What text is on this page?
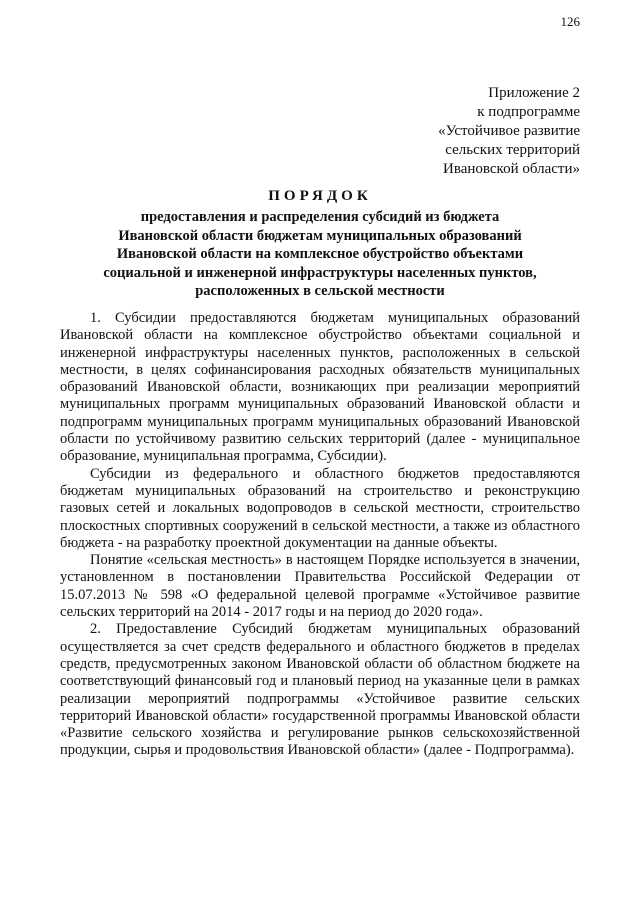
126
Приложение 2
к подпрограмме
«Устойчивое развитие
сельских территорий
Ивановской области»
ПОРЯДОК
предоставления и распределения субсидий из бюджета
Ивановской области бюджетам муниципальных образований
Ивановской области на комплексное обустройство объектами
социальной и инженерной инфраструктуры населенных пунктов,
расположенных в сельской местности

1. Субсидии предоставляются бюджетам муниципальных образований Ивановской области на комплексное обустройство объектами социальной и инженерной инфраструктуры населенных пунктов, расположенных в сельской местности, в целях софинансирования расходных обязательств муниципальных образований Ивановской области, возникающих при реализации мероприятий муниципальных программ муниципальных образований Ивановской области и подпрограмм муниципальных программ муниципальных образований Ивановской области по устойчивому развитию сельских территорий (далее - муниципальное образование, муниципальная программа, Субсидии).

Субсидии из федерального и областного бюджетов предоставляются бюджетам муниципальных образований на строительство и реконструкцию газовых сетей и локальных водопроводов в сельской местности, строительство плоскостных спортивных сооружений в сельской местности, а также из областного бюджета - на разработку проектной документации на данные объекты.

Понятие «сельская местность» в настоящем Порядке используется в значении, установленном в постановлении Правительства Российской Федерации от 15.07.2013 № 598 «О федеральной целевой программе «Устойчивое развитие сельских территорий на 2014 - 2017 годы и на период до 2020 года».

2. Предоставление Субсидий бюджетам муниципальных образований осуществляется за счет средств федерального и областного бюджетов в пределах средств, предусмотренных законом Ивановской области об областном бюджете на соответствующий финансовый год и плановый период на указанные цели в рамках реализации мероприятий подпрограммы «Устойчивое развитие сельских территорий Ивановской области» государственной программы Ивановской области «Развитие сельского хозяйства и регулирование рынков сельскохозяйственной продукции, сырья и продовольствия Ивановской области» (далее - Подпрограмма).
